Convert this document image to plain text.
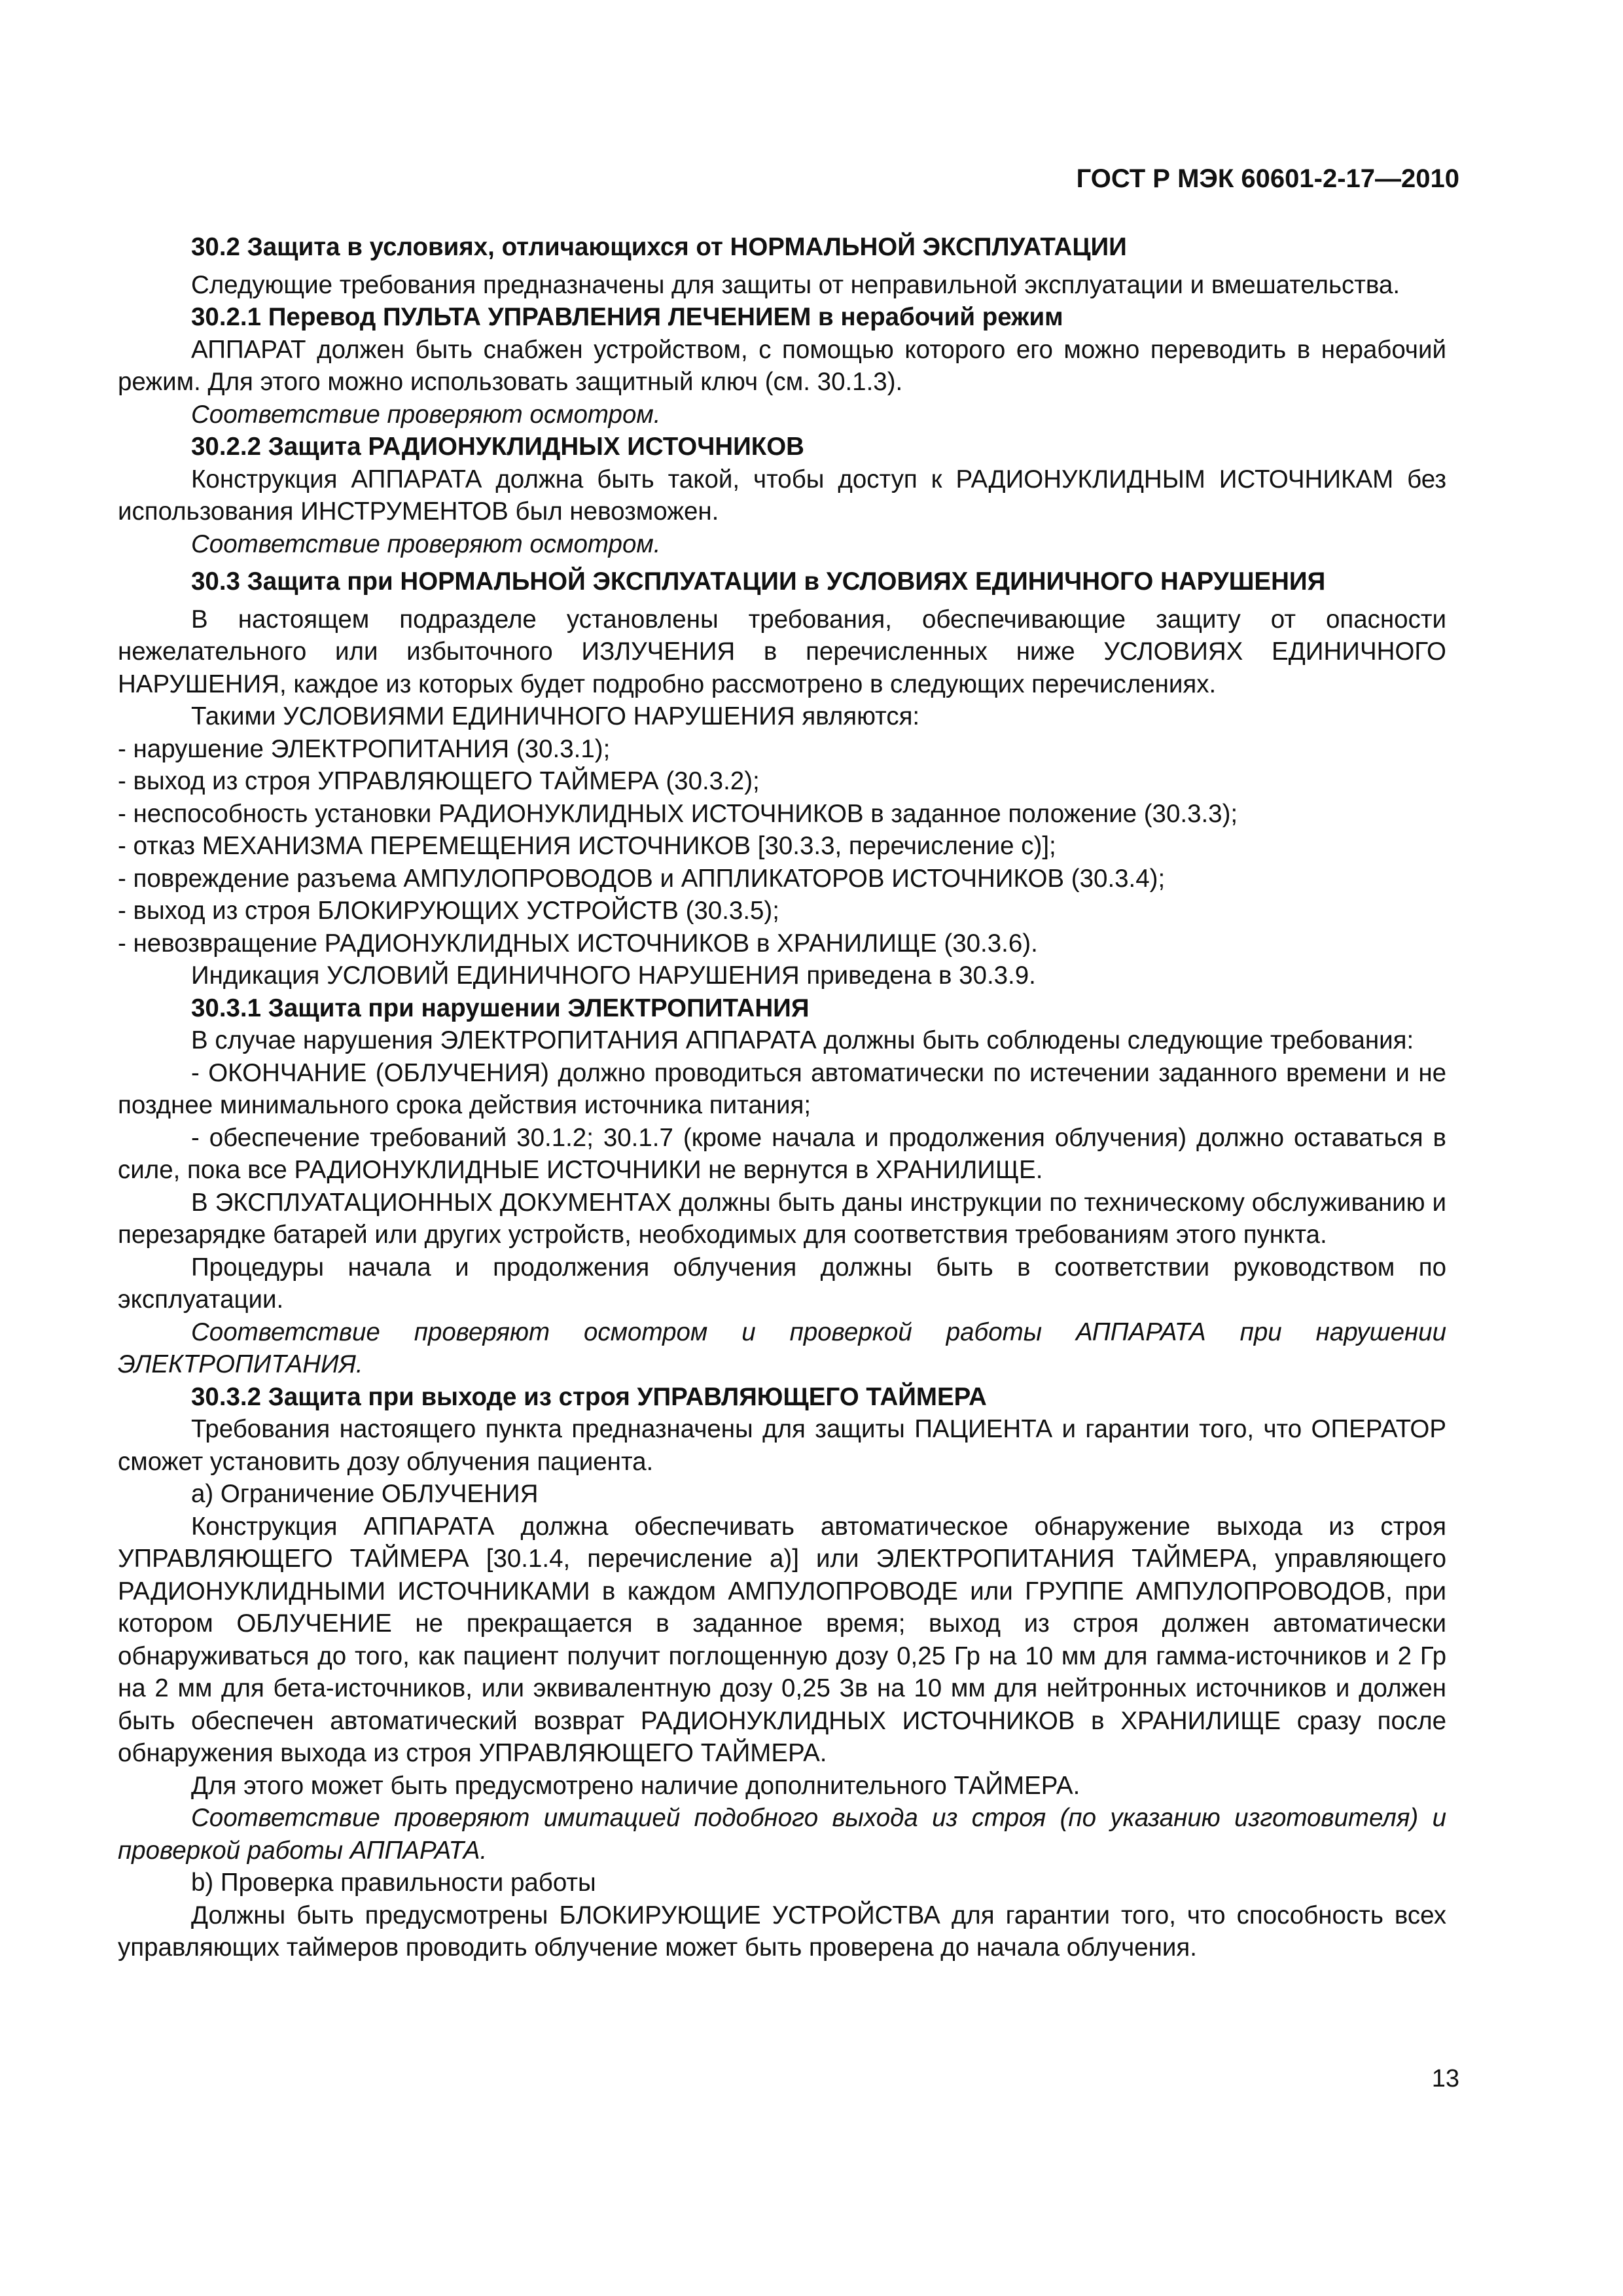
ГОСТ Р МЭК 60601-2-17—2010

30.2 Защита в условиях, отличающихся от НОРМАЛЬНОЙ ЭКСПЛУАТАЦИИ

Следующие требования предназначены для защиты от неправильной эксплуатации и вмешательства.

30.2.1 Перевод ПУЛЬТА УПРАВЛЕНИЯ ЛЕЧЕНИЕМ в нерабочий режим

АППАРАТ должен быть снабжен устройством, с помощью которого его можно переводить в нерабочий режим. Для этого можно использовать защитный ключ (см. 30.1.3).

Соответствие проверяют осмотром.

30.2.2 Защита РАДИОНУКЛИДНЫХ ИСТОЧНИКОВ

Конструкция АППАРАТА должна быть такой, чтобы доступ к РАДИОНУКЛИДНЫМ ИСТОЧНИКАМ без использования ИНСТРУМЕНТОВ был невозможен.

Соответствие проверяют осмотром.

30.3 Защита при НОРМАЛЬНОЙ ЭКСПЛУАТАЦИИ в УСЛОВИЯХ ЕДИНИЧНОГО НАРУШЕНИЯ

В настоящем подразделе установлены требования, обеспечивающие защиту от опасности нежелательного или избыточного ИЗЛУЧЕНИЯ в перечисленных ниже УСЛОВИЯХ ЕДИНИЧНОГО НАРУШЕНИЯ, каждое из которых будет подробно рассмотрено в следующих перечислениях.

Такими УСЛОВИЯМИ ЕДИНИЧНОГО НАРУШЕНИЯ являются:

- нарушение ЭЛЕКТРОПИТАНИЯ (30.3.1);

- выход из строя УПРАВЛЯЮЩЕГО ТАЙМЕРА (30.3.2);

- неспособность установки РАДИОНУКЛИДНЫХ ИСТОЧНИКОВ в заданное положение (30.3.3);

- отказ МЕХАНИЗМА ПЕРЕМЕЩЕНИЯ ИСТОЧНИКОВ [30.3.3, перечисление с)];

- повреждение разъема АМПУЛОПРОВОДОВ и АППЛИКАТОРОВ ИСТОЧНИКОВ (30.3.4);

- выход из строя БЛОКИРУЮЩИХ УСТРОЙСТВ (30.3.5);

- невозвращение РАДИОНУКЛИДНЫХ ИСТОЧНИКОВ в ХРАНИЛИЩЕ (30.3.6).

Индикация УСЛОВИЙ ЕДИНИЧНОГО НАРУШЕНИЯ приведена в 30.3.9.

30.3.1 Защита при нарушении ЭЛЕКТРОПИТАНИЯ

В случае нарушения ЭЛЕКТРОПИТАНИЯ АППАРАТА должны быть соблюдены следующие требования:

- ОКОНЧАНИЕ (ОБЛУЧЕНИЯ) должно проводиться автоматически по истечении заданного времени и не позднее минимального срока действия источника питания;

- обеспечение требований 30.1.2; 30.1.7 (кроме начала и продолжения облучения) должно оставаться в силе, пока все РАДИОНУКЛИДНЫЕ ИСТОЧНИКИ не вернутся в ХРАНИЛИЩЕ.

В ЭКСПЛУАТАЦИОННЫХ ДОКУМЕНТАХ должны быть даны инструкции по техническому обслуживанию и перезарядке батарей или других устройств, необходимых для соответствия требованиям этого пункта.

Процедуры начала и продолжения облучения должны быть в соответствии руководством по эксплуатации.

Соответствие проверяют осмотром и проверкой работы АППАРАТА при нарушении ЭЛЕКТРОПИТАНИЯ.

30.3.2 Защита при выходе из строя УПРАВЛЯЮЩЕГО ТАЙМЕРА

Требования настоящего пункта предназначены для защиты ПАЦИЕНТА и гарантии того, что ОПЕРАТОР сможет установить дозу облучения пациента.

а) Ограничение ОБЛУЧЕНИЯ

Конструкция АППАРАТА должна обеспечивать автоматическое обнаружение выхода из строя УПРАВЛЯЮЩЕГО ТАЙМЕРА [30.1.4, перечисление а)] или ЭЛЕКТРОПИТАНИЯ ТАЙМЕРА, управляющего РАДИОНУКЛИДНЫМИ ИСТОЧНИКАМИ в каждом АМПУЛОПРОВОДЕ или ГРУППЕ АМПУЛОПРОВОДОВ, при котором ОБЛУЧЕНИЕ не прекращается в заданное время; выход из строя должен автоматически обнаруживаться до того, как пациент получит поглощенную дозу 0,25 Гр на 10 мм для гамма-источников и 2 Гр на 2 мм для бета-источников, или эквивалентную дозу 0,25 Зв на 10 мм для нейтронных источников и должен быть обеспечен автоматический возврат РАДИОНУКЛИДНЫХ ИСТОЧНИКОВ в ХРАНИЛИЩЕ сразу после обнаружения выхода из строя УПРАВЛЯЮЩЕГО ТАЙМЕРА.

Для этого может быть предусмотрено наличие дополнительного ТАЙМЕРА.

Соответствие проверяют имитацией подобного выхода из строя (по указанию изготовителя) и проверкой работы АППАРАТА.

b) Проверка правильности работы

Должны быть предусмотрены БЛОКИРУЮЩИЕ УСТРОЙСТВА для гарантии того, что способность всех управляющих таймеров проводить облучение может быть проверена до начала облучения.

13
